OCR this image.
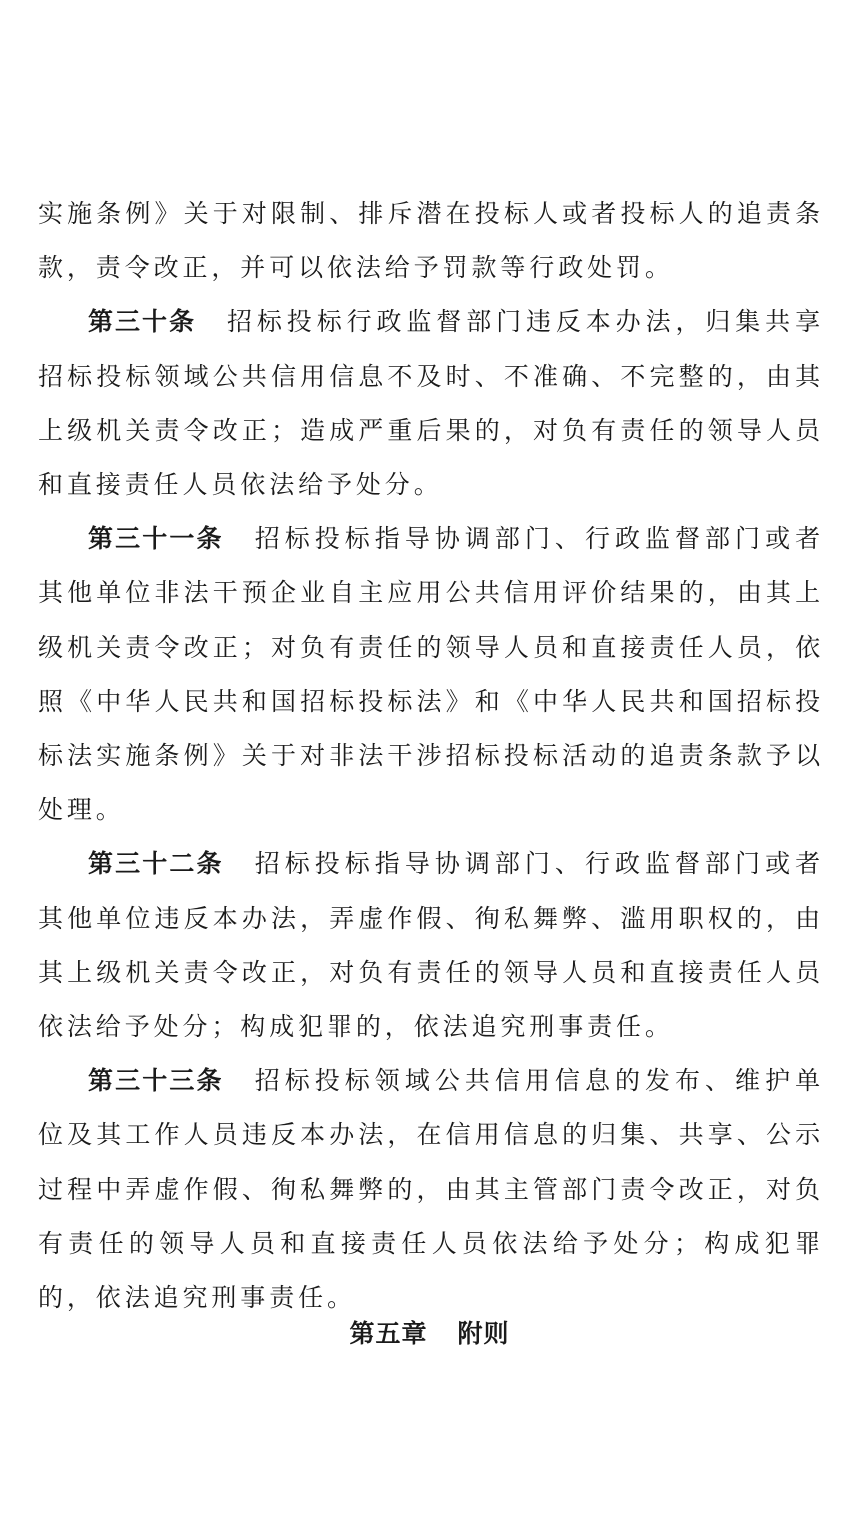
实施条例》关于对限制、排斥潜在投标人或者投标人的追责条款，责令改正，并可以依法给予罚款等行政处罚。

第三十条 招标投标行政监督部门违反本办法，归集共享招标投标领域公共信用信息不及时、不准确、不完整的，由其上级机关责令改正；造成严重后果的，对负有责任的领导人员和直接责任人员依法给予处分。

第三十一条 招标投标指导协调部门、行政监督部门或者其他单位非法干预企业自主应用公共信用评价结果的，由其上级机关责令改正；对负有责任的领导人员和直接责任人员，依照《中华人民共和国招标投标法》和《中华人民共和国招标投标法实施条例》关于对非法干涉招标投标活动的追责条款予以处理。

第三十二条 招标投标指导协调部门、行政监督部门或者其他单位违反本办法，弄虚作假、徇私舞弊、滥用职权的，由其上级机关责令改正，对负有责任的领导人员和直接责任人员依法给予处分；构成犯罪的，依法追究刑事责任。

第三十三条 招标投标领域公共信用信息的发布、维护单位及其工作人员违反本办法，在信用信息的归集、共享、公示过程中弄虚作假、徇私舞弊的，由其主管部门责令改正，对负有责任的领导人员和直接责任人员依法给予处分；构成犯罪的，依法追究刑事责任。

第五章 附则
